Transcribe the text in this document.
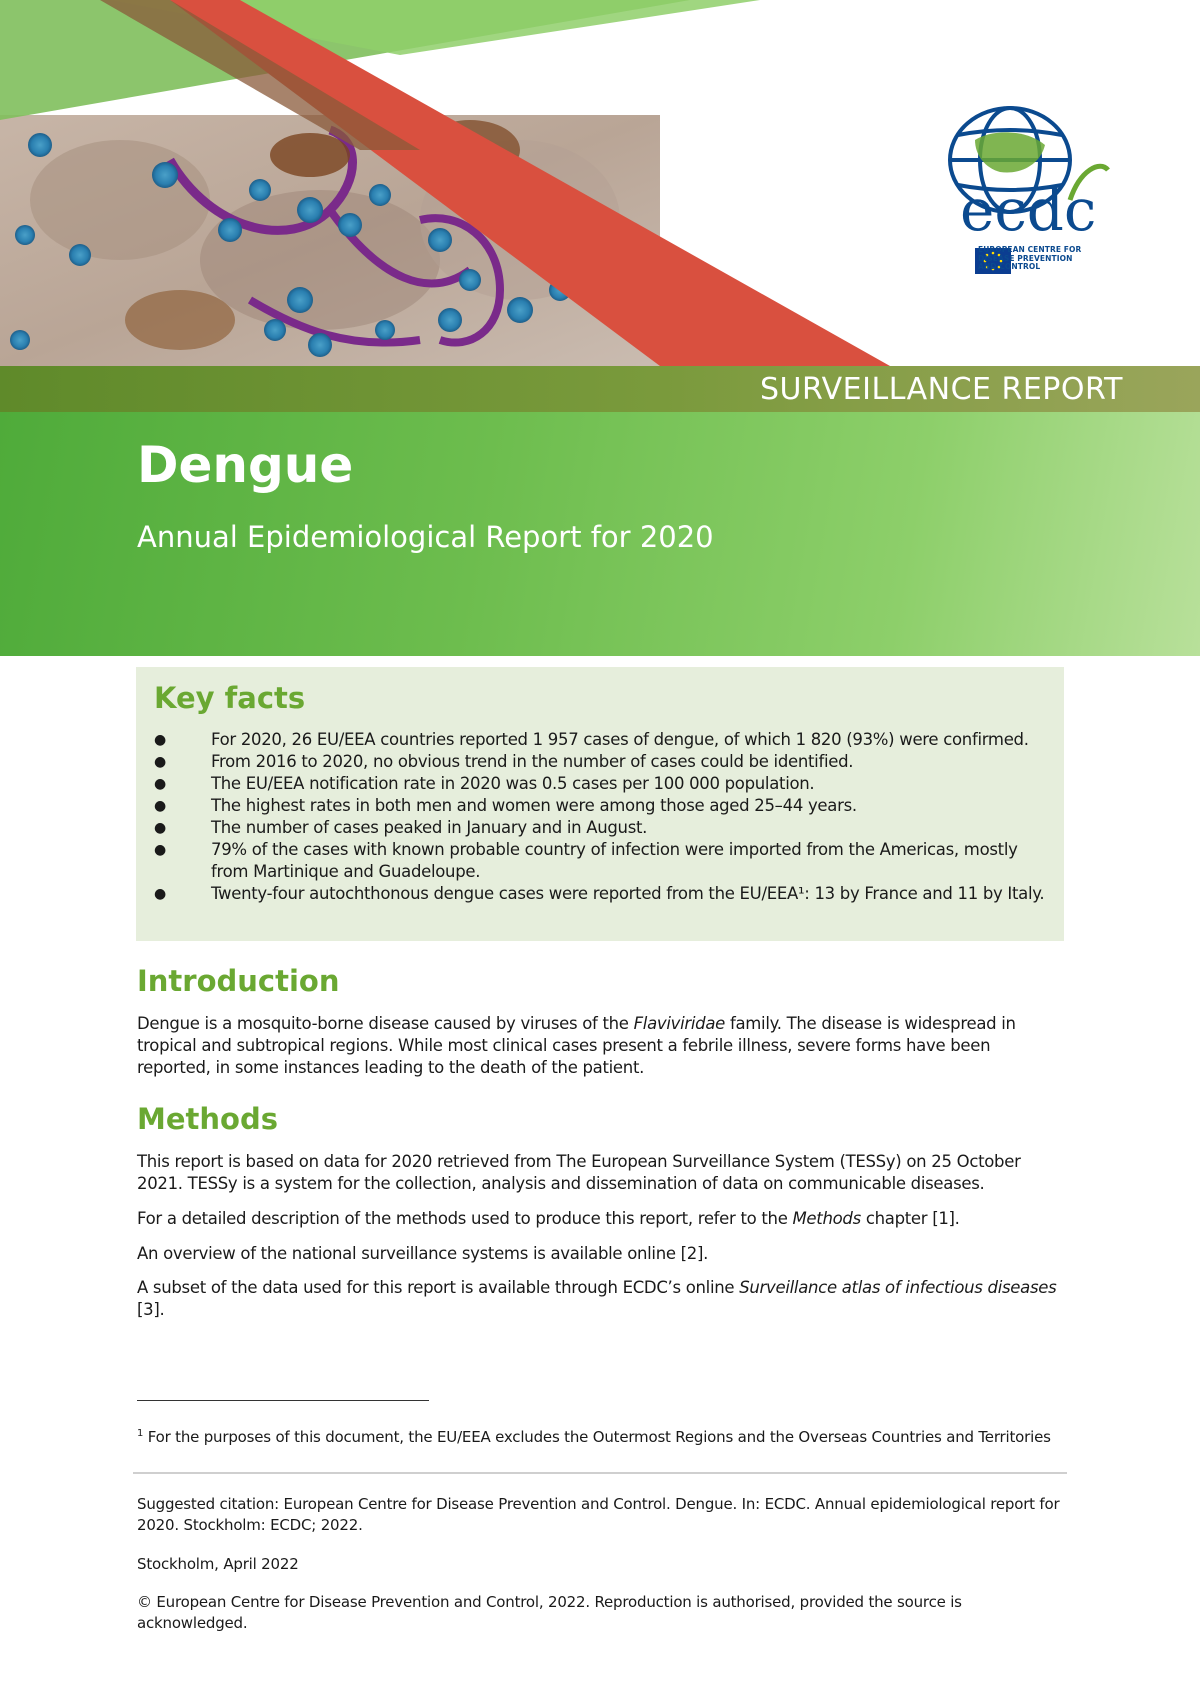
ecdc
EUROPEAN CENTRE FOR
DISEASE PREVENTION
AND CONTROL
SURVEILLANCE REPORT
Dengue
Annual Epidemiological Report for 2020
Key facts
●	For 2020, 26 EU/EEA countries reported 1 957 cases of dengue, of which 1 820 (93%) were confirmed.
●	From 2016 to 2020, no obvious trend in the number of cases could be identified.
●	The EU/EEA notification rate in 2020 was 0.5 cases per 100 000 population.
●	The highest rates in both men and women were among those aged 25–44 years.
●	The number of cases peaked in January and in August.
●	79% of the cases with known probable country of infection were imported from the Americas, mostly from Martinique and Guadeloupe.
●	Twenty-four autochthonous dengue cases were reported from the EU/EEA¹: 13 by France and 11 by Italy.
Introduction
Dengue is a mosquito-borne disease caused by viruses of the Flaviviridae family. The disease is widespread in tropical and subtropical regions. While most clinical cases present a febrile illness, severe forms have been reported, in some instances leading to the death of the patient.
Methods
This report is based on data for 2020 retrieved from The European Surveillance System (TESSy) on 25 October 2021. TESSy is a system for the collection, analysis and dissemination of data on communicable diseases.
For a detailed description of the methods used to produce this report, refer to the Methods chapter [1].
An overview of the national surveillance systems is available online [2].
A subset of the data used for this report is available through ECDC’s online Surveillance atlas of infectious diseases [3].
$^1$ For the purposes of this document, the EU/EEA excludes the Outermost Regions and the Overseas Countries and Territories
Suggested citation: European Centre for Disease Prevention and Control. Dengue. In: ECDC. Annual epidemiological report for 2020. Stockholm: ECDC; 2022.
Stockholm, April 2022
© European Centre for Disease Prevention and Control, 2022. Reproduction is authorised, provided the source is acknowledged.
